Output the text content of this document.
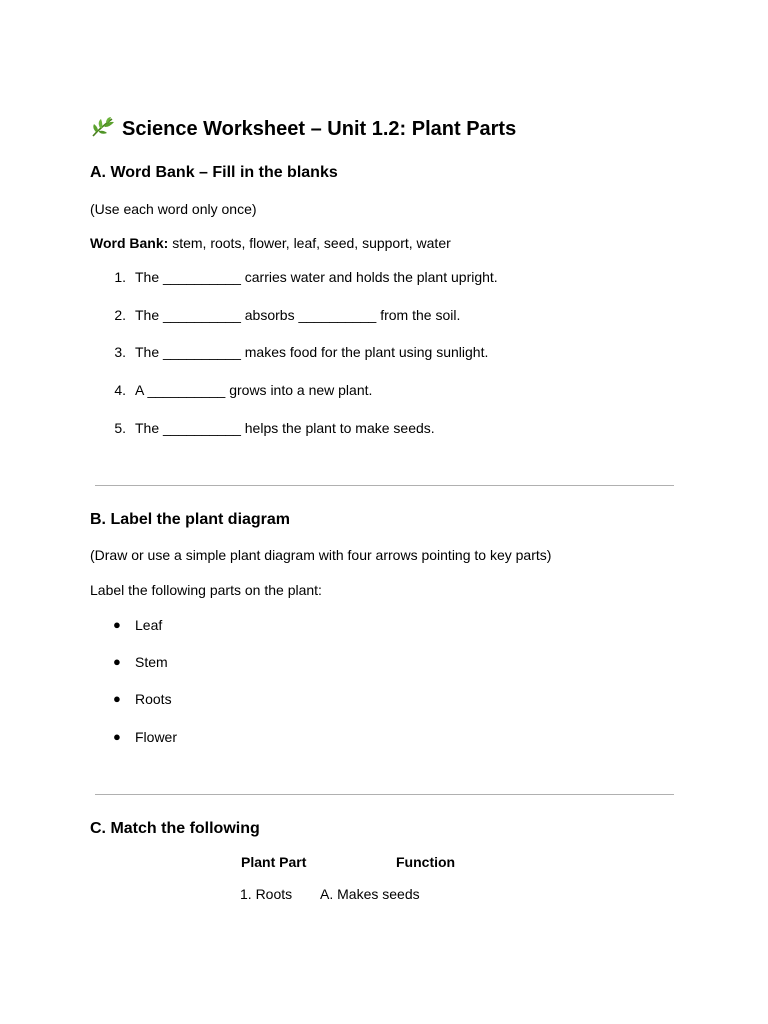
Science Worksheet – Unit 1.2: Plant Parts
A. Word Bank – Fill in the blanks
(Use each word only once)
Word Bank: stem, roots, flower, leaf, seed, support, water
1. The __________ carries water and holds the plant upright.
2. The __________ absorbs __________ from the soil.
3. The __________ makes food for the plant using sunlight.
4. A __________ grows into a new plant.
5. The __________ helps the plant to make seeds.
B. Label the plant diagram
(Draw or use a simple plant diagram with four arrows pointing to key parts)
Label the following parts on the plant:
● Leaf
● Stem
● Roots
● Flower
C. Match the following
Plant Part	Function
1. Roots A. Makes seeds
